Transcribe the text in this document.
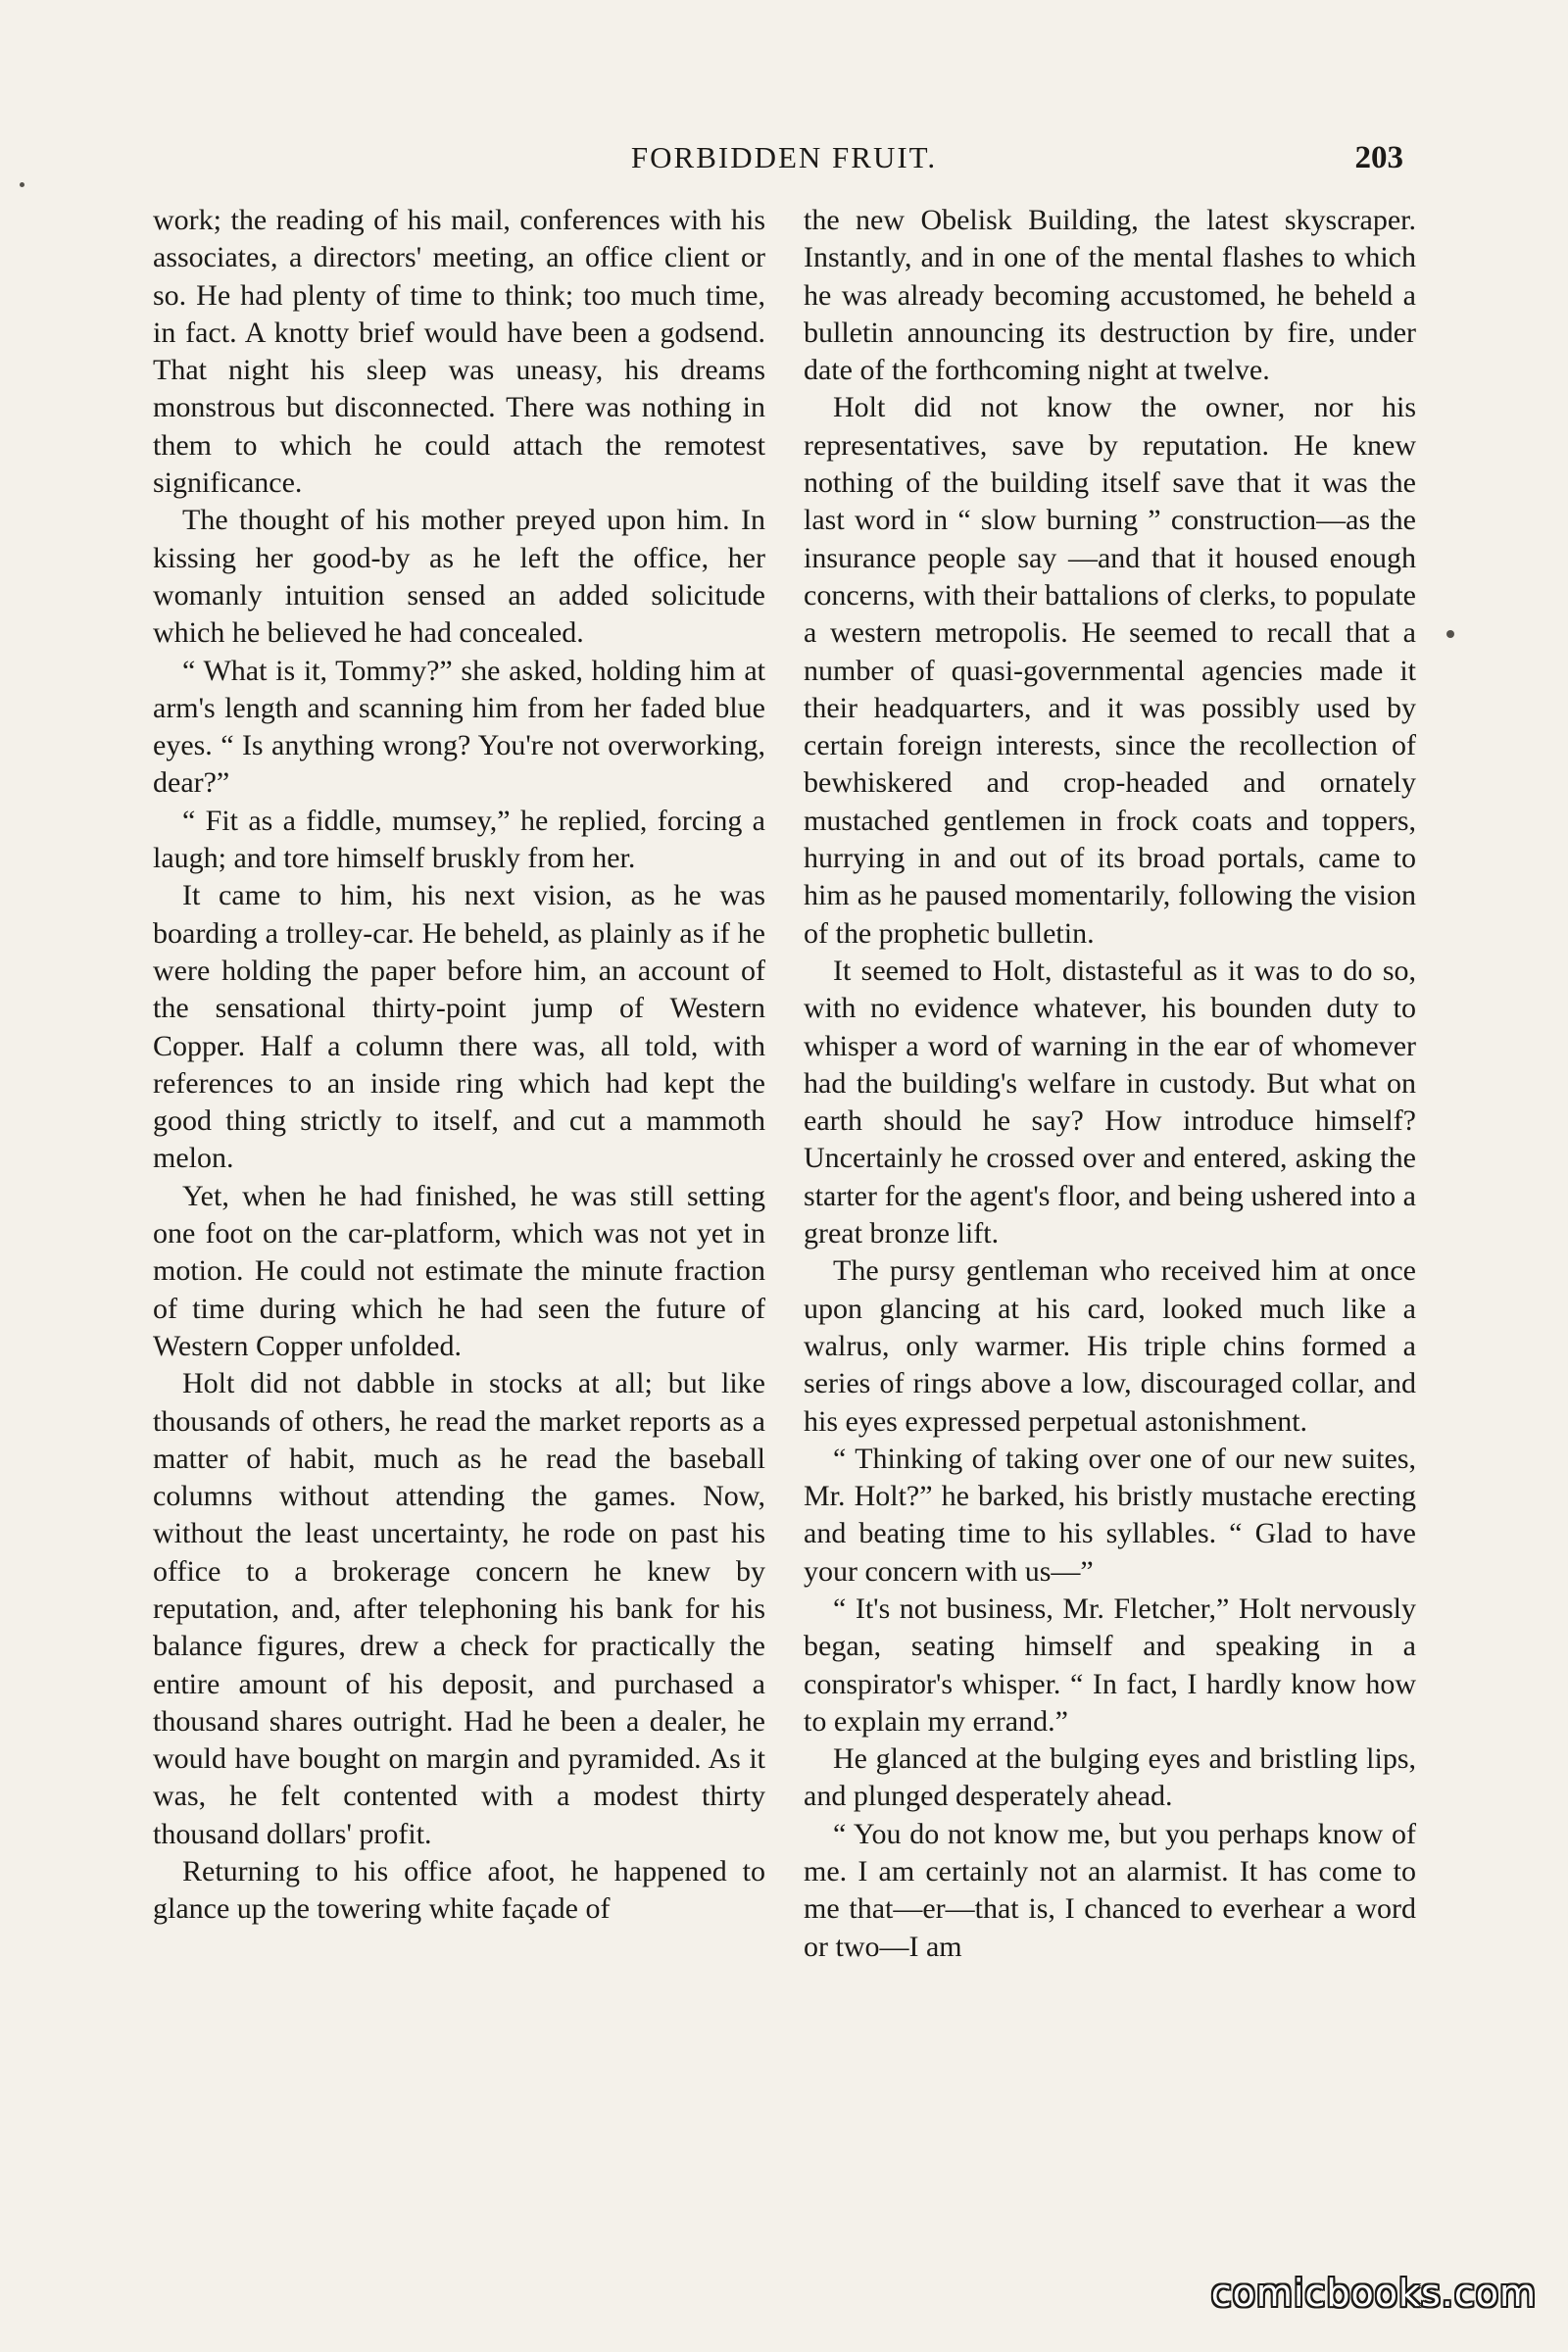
FORBIDDEN FRUIT.	203

work; the reading of his mail, conferences with his associates, a directors' meeting, an office client or so. He had plenty of time to think; too much time, in fact. A knotty brief would have been a godsend. That night his sleep was uneasy, his dreams monstrous but disconnected. There was nothing in them to which he could attach the remotest significance.

The thought of his mother preyed upon him. In kissing her good-by as he left the office, her womanly intuition sensed an added solicitude which he believed he had concealed.

“ What is it, Tommy?” she asked, holding him at arm's length and scanning him from her faded blue eyes. “ Is anything wrong? You're not overworking, dear?”

“ Fit as a fiddle, mumsey,” he replied, forcing a laugh; and tore himself bruskly from her.

It came to him, his next vision, as he was boarding a trolley-car. He beheld, as plainly as if he were holding the paper before him, an account of the sensational thirty-point jump of Western Copper. Half a column there was, all told, with references to an inside ring which had kept the good thing strictly to itself, and cut a mammoth melon.

Yet, when he had finished, he was still setting one foot on the car-platform, which was not yet in motion. He could not estimate the minute fraction of time during which he had seen the future of Western Copper unfolded.

Holt did not dabble in stocks at all; but like thousands of others, he read the market reports as a matter of habit, much as he read the baseball columns without attending the games. Now, without the least uncertainty, he rode on past his office to a brokerage concern he knew by reputation, and, after telephoning his bank for his balance figures, drew a check for practically the entire amount of his deposit, and purchased a thousand shares outright. Had he been a dealer, he would have bought on margin and pyramided. As it was, he felt contented with a modest thirty thousand dollars' profit.

Returning to his office afoot, he happened to glance up the towering white façade of

the new Obelisk Building, the latest skyscraper. Instantly, and in one of the mental flashes to which he was already becoming accustomed, he beheld a bulletin announcing its destruction by fire, under date of the forthcoming night at twelve.

Holt did not know the owner, nor his representatives, save by reputation. He knew nothing of the building itself save that it was the last word in “ slow burning ” construction—as the insurance people say —and that it housed enough concerns, with their battalions of clerks, to populate a western metropolis. He seemed to recall that a number of quasi-governmental agencies made it their headquarters, and it was possibly used by certain foreign interests, since the recollection of bewhiskered and crop-headed and ornately mustached gentlemen in frock coats and toppers, hurrying in and out of its broad portals, came to him as he paused momentarily, following the vision of the prophetic bulletin.

It seemed to Holt, distasteful as it was to do so, with no evidence whatever, his bounden duty to whisper a word of warning in the ear of whomever had the building's welfare in custody. But what on earth should he say? How introduce himself? Uncertainly he crossed over and entered, asking the starter for the agent's floor, and being ushered into a great bronze lift.

The pursy gentleman who received him at once upon glancing at his card, looked much like a walrus, only warmer. His triple chins formed a series of rings above a low, discouraged collar, and his eyes expressed perpetual astonishment.

“ Thinking of taking over one of our new suites, Mr. Holt?” he barked, his bristly mustache erecting and beating time to his syllables. “ Glad to have your concern with us—”

“ It's not business, Mr. Fletcher,” Holt nervously began, seating himself and speaking in a conspirator's whisper. “ In fact, I hardly know how to explain my errand.”

He glanced at the bulging eyes and bristling lips, and plunged desperately ahead.

“ You do not know me, but you perhaps know of me. I am certainly not an alarmist. It has come to me that—er—that is, I chanced to everhear a word or two—I am

comicbooks.com
